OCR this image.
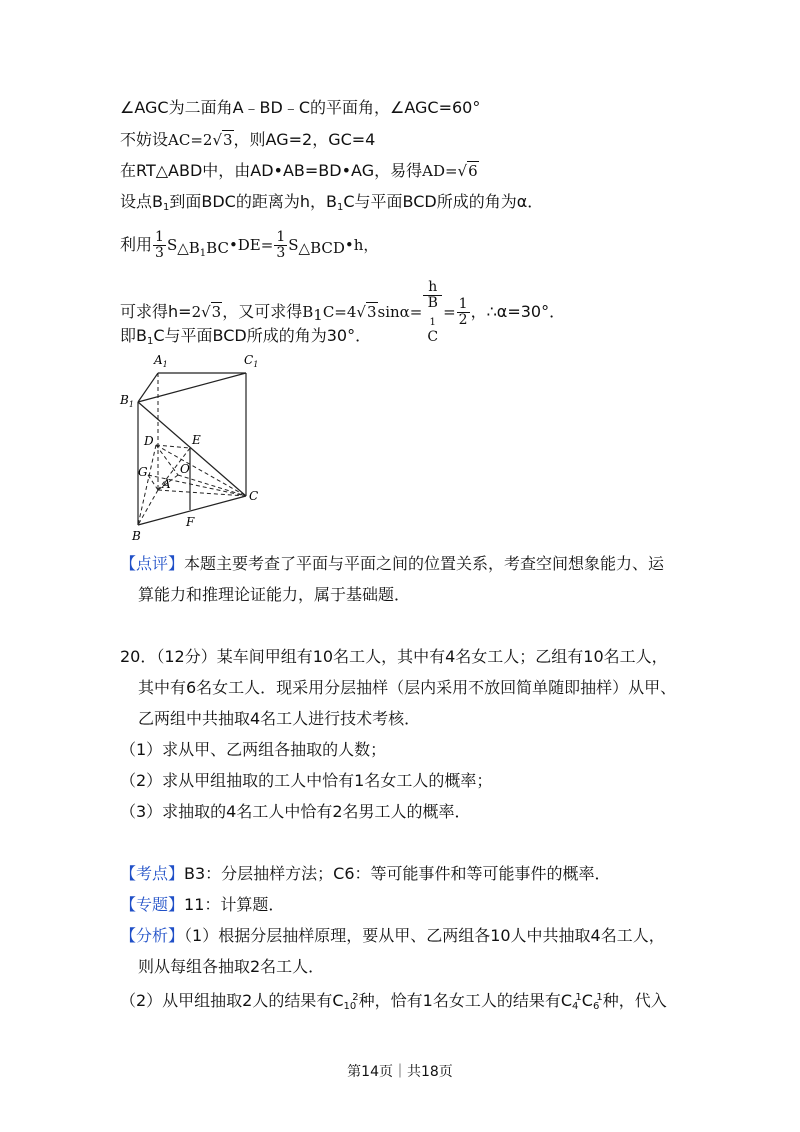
∠AGC为二面角A﹣BD﹣C的平面角，∠AGC=60°
不妨设AC=2√3，则AG=2，GC=4
在RT△ABD中，由AD•AB=BD•AG，易得AD=√6
设点$B_1$到面BDC的距离为h，$B_1C$与平面BCD所成的角为α．
利用 $\frac{1}{3}$ $S_{\triangle B_1BC}•DE= \frac{1}{3}$ $S_{\triangle BCD}•h$，
可求得h=2√3，又可求得$B_1C=4√3\sin\alpha= h$
B
$_1$
$C = \frac{1}{2}$ ，∴α=30°．
即$B_1C$与平面BCD所成的角为30°．
$A_1$	$C_1$
$B_1$
D	E
G	O
A
C
B
F
【点评】本题主要考查了平面与平面之间的位置关系，考查空间想象能力、运
算能力和推理论证能力，属于基础题．
20．（12分）某车间甲组有10名工人，其中有4名女工人；乙组有10名工人，
其中有6名女工人．现采用分层抽样（层内采用不放回简单随即抽样）从甲、
乙两组中共抽取4名工人进行技术考核．
（1）求从甲、乙两组各抽取的人数；
（2）求从甲组抽取的工人中恰有1名女工人的概率；
（3）求抽取的4名工人中恰有2名男工人的概率．
【考点】B3：分层抽样方法；C6：等可能事件和等可能事件的概率．
【专题】11：计算题．
【分析】（1）根据分层抽样原理，要从甲、乙两组各10人中共抽取4名工人，
则从每组各抽取2名工人．
（2）从甲组抽取2人的结果有$C_{10}^2$种，恰有1名女工人的结果有$C_4^1C_6^1$种，代入
第14页｜共18页
